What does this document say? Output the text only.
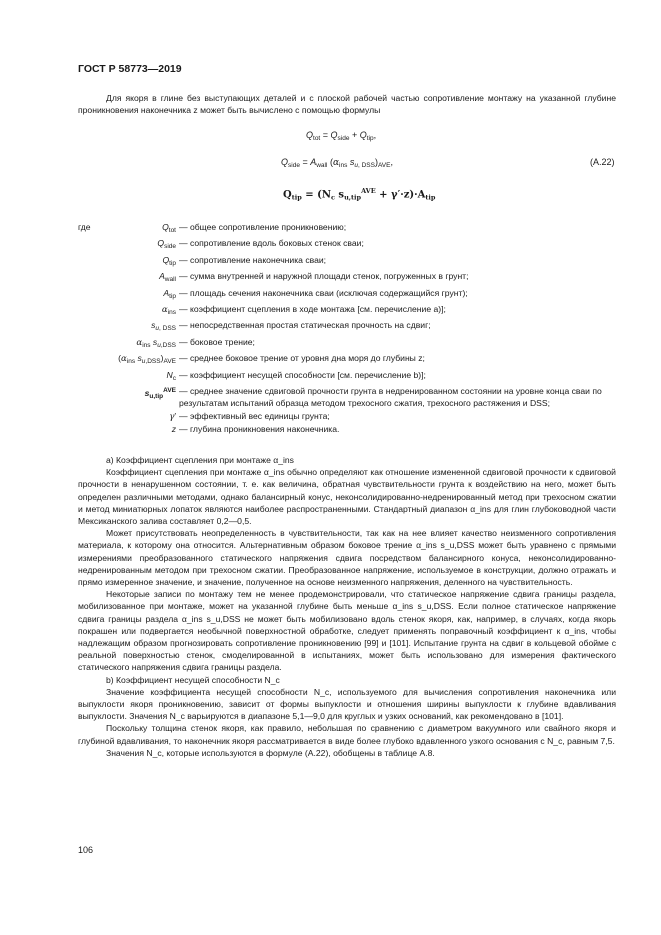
ГОСТ Р 58773—2019

Для якоря в глине без выступающих деталей и с плоской рабочей частью сопротивление монтажу на указанной глубине проникновения наконечника z может быть вычислено с помощью формулы

$Q_{tot} = Q_{side} + Q_{tip}$,
$Q_{side} = A_{wall}$ ($\alpha_{ins}$ $s_{u, DSS})_{AVE}$,	(А.22)
$Q_{tip} = (N_c$ $s_{u,tip}^{AVE} + \gamma'\cdot z)\cdot A_{tip}$
где	$Q_{tot}$ — общее сопротивление проникновению;
$Q_{side}$ — сопротивление вдоль боковых стенок сваи;
$Q_{tip}$ — сопротивление наконечника сваи;
$A_{wall}$ — сумма внутренней и наружной площади стенок, погруженных в грунт;
$A_{tip}$ — площадь сечения наконечника сваи (исключая содержащийся грунт);
$\alpha_{ins}$ — коэффициент сцепления в ходе монтажа [см. перечисление а)];
$s_{u, DSS}$ — непосредственная простая статическая прочность на сдвиг;
$\alpha_{ins}$ $s_{u,DSS}$ — боковое трение;
($\alpha_{ins}$ $s_{u,DSS})_{AVE}$ — среднее боковое трение от уровня дна моря до глубины z;
$N_c$ — коэффициент несущей способности [см. перечисление b)];
$s_{u,tip}^{AVE}$ — среднее значение сдвиговой прочности грунта в недренированном состоянии на уровне конца сваи по результатам испытаний образца методом трехосного сжатия, трехосного растяжения и DSS;
γ′ — эффективный вес единицы грунта;
z — глубина проникновения наконечника.

а) Коэффициент сцепления при монтаже α_ins

Коэффициент сцепления при монтаже α_ins обычно определяют как отношение измененной сдвиговой прочности к сдвиговой прочности в ненарушенном состоянии, т. е. как величина, обратная чувствительности грунта к воздействию на него, может быть определен различными методами, однако балансирный конус, неконсолидированно-недренированный метод при трехосном сжатии и метод миниатюрных лопаток являются наиболее распространенными. Стандартный диапазон α_ins для глин глубоководной части Мексиканского залива составляет 0,2—0,5.

Может присутствовать неопределенность в чувствительности, так как на нее влияет качество неизменного сопротивления материала, к которому она относится. Альтернативным образом боковое трение α_ins s_u,DSS может быть уравнено с прямыми измерениями преобразованного статического напряжения сдвига посредством балансирного конуса, неконсолидированно-недренированным методом при трехосном сжатии. Преобразованное напряжение, используемое в конструкции, должно отражать и прямо измеренное значение, и значение, полученное на основе неизменного напряжения, деленного на чувствительность.

Некоторые записи по монтажу тем не менее продемонстрировали, что статическое напряжение сдвига границы раздела, мобилизованное при монтаже, может на указанной глубине быть меньше α_ins s_u,DSS. Если полное статическое напряжение сдвига границы раздела α_ins s_u,DSS не может быть мобилизовано вдоль стенок якоря, как, например, в случаях, когда якорь покрашен или подвергается необычной поверхностной обработке, следует применять поправочный коэффициент к α_ins, чтобы надлежащим образом прогнозировать сопротивление проникновению [99] и [101]. Испытание грунта на сдвиг в кольцевой обойме с реальной поверхностью стенок, смоделированной в испытаниях, может быть использовано для измерения фактического статического напряжения сдвига границы раздела.

b) Коэффициент несущей способности N_c

Значение коэффициента несущей способности N_c, используемого для вычисления сопротивления наконечника или выпуклости якоря проникновению, зависит от формы выпуклости и отношения ширины выпуклости к глубине вдавливания выпуклости. Значения N_c варьируются в диапазоне 5,1—9,0 для круглых и узких оснований, как рекомендовано в [101].

Поскольку толщина стенок якоря, как правило, небольшая по сравнению с диаметром вакуумного или свайного якоря и глубиной вдавливания, то наконечник якоря рассматривается в виде более глубоко вдавленного узкого основания с N_c, равным 7,5.

Значения N_c, которые используются в формуле (А.22), обобщены в таблице А.8.

106
